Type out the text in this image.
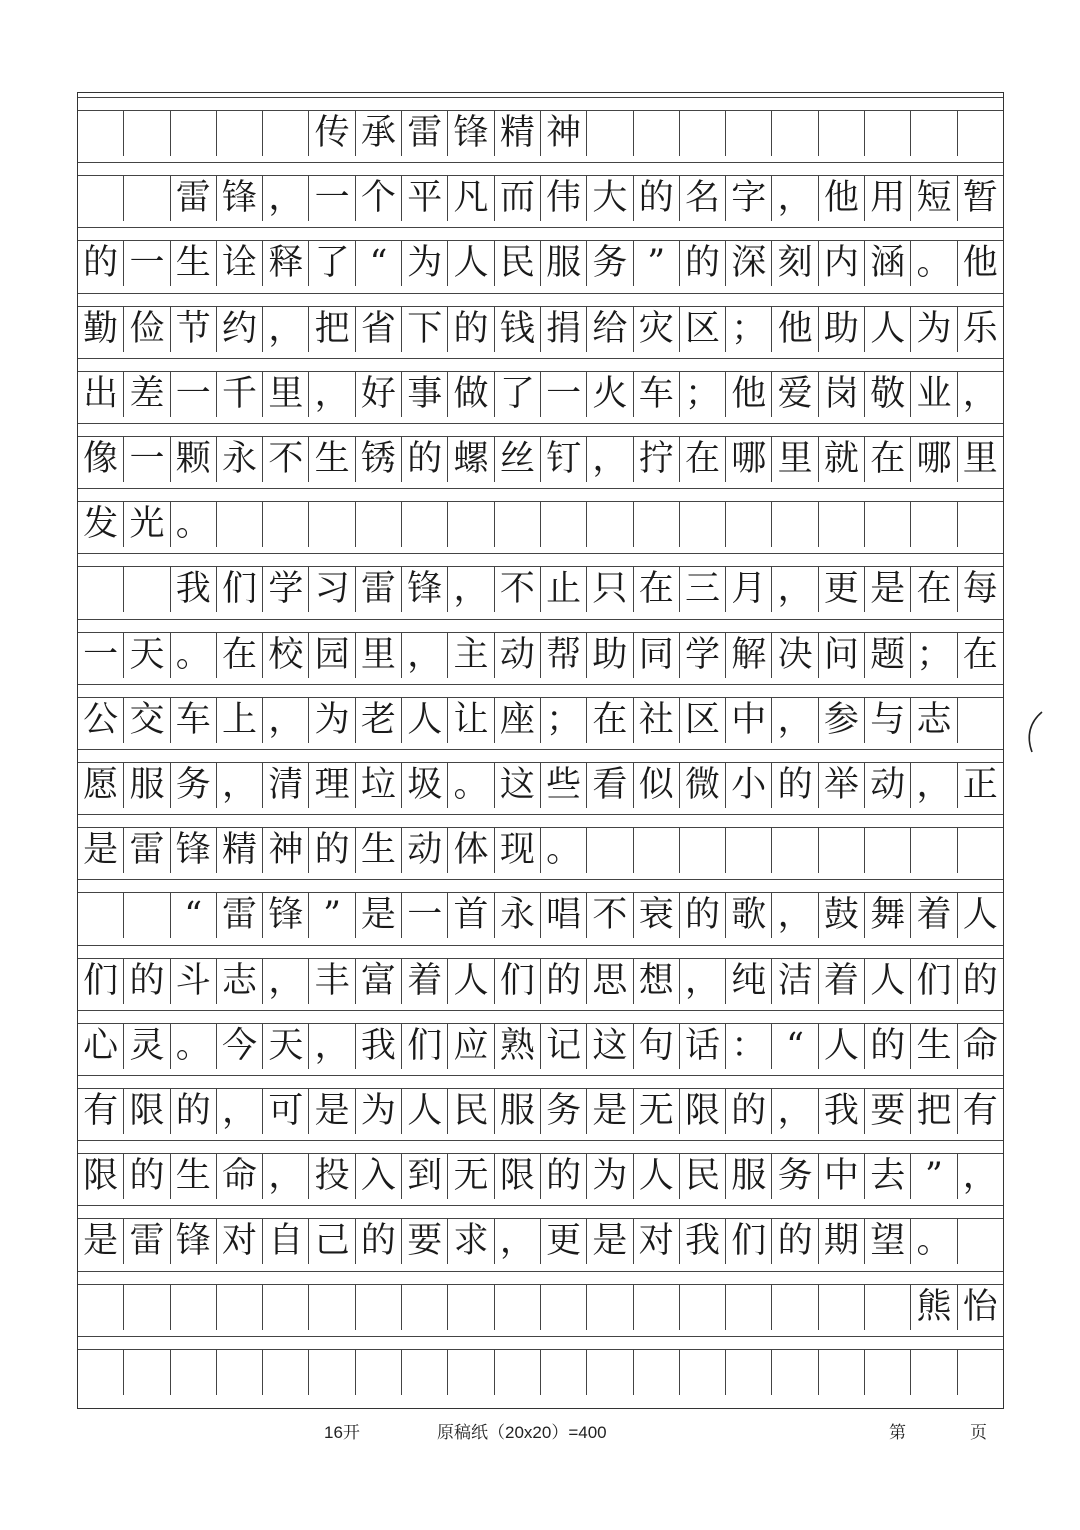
传 承 雷 锋 精 神
雷 锋 ， 一 个 平 凡 而 伟 大 的 名 字 ， 他 用 短 暂
的 一 生 诠 释 了 “ 为 人 民 服 务 ” 的 深 刻 内 涵 。 他
勤 俭 节 约 ， 把 省 下 的 钱 捐 给 灾 区 ； 他 助 人 为 乐
出 差 一 千 里 ， 好 事 做 了 一 火 车 ； 他 爱 岗 敬 业 ，
像 一 颗 永 不 生 锈 的 螺 丝 钉 ， 拧 在 哪 里 就 在 哪 里
发 光 。
我 们 学 习 雷 锋 ， 不 止 只 在 三 月 ， 更 是 在 每
一 天 。 在 校 园 里 ， 主 动 帮 助 同 学 解 决 问 题 ； 在
公 交 车 上 ， 为 老 人 让 座 ； 在 社 区 中 ， 参 与 志
愿 服 务 ， 清 理 垃 圾 。 这 些 看 似 微 小 的 举 动 ， 正
是 雷 锋 精 神 的 生 动 体 现 。
“ 雷 锋 ” 是 一 首 永 唱 不 衰 的 歌 ， 鼓 舞 着 人
们 的 斗 志 ， 丰 富 着 人 们 的 思 想 ， 纯 洁 着 人 们 的
心 灵 。 今 天 ， 我 们 应 熟 记 这 句 话 ： “ 人 的 生 命
有 限 的 ， 可 是 为 人 民 服 务 是 无 限 的 ， 我 要 把 有
限 的 生 命 ， 投 入 到 无 限 的 为 人 民 服 务 中 去 ” ，
是 雷 锋 对 自 己 的 要 求 ， 更 是 对 我 们 的 期 望 。
熊 怡
16开	原稿纸（20x20）=400	第	页
